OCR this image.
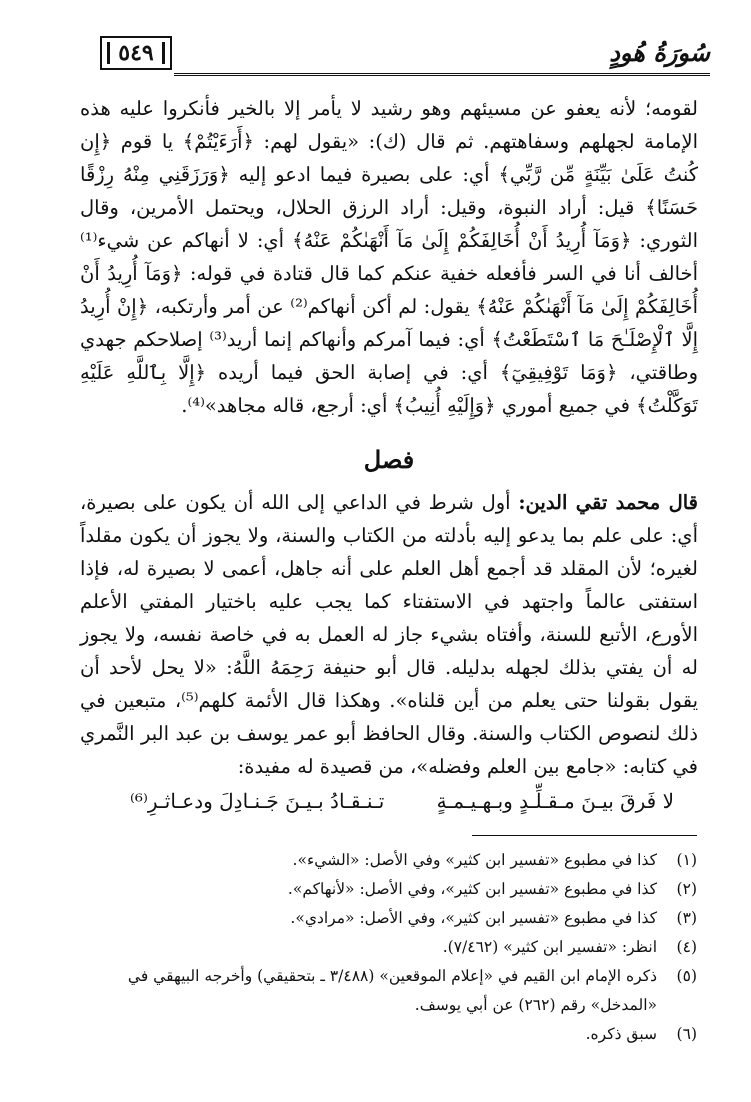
سُورَةُ هُودٍ
٥٤٩

لقومه؛ لأنه يعفو عن مسيئهم وهو رشيد لا يأمر إلا بالخير فأنكروا عليه هذه الإمامة لجهلهم وسفاهتهم. ثم قال (ك): «يقول لهم: ﴿أَرَءَيْتُمْ﴾ يا قوم ﴿إِن كُنتُ عَلَىٰ بَيِّنَةٍ مِّن رَّبِّي﴾ أي: على بصيرة فيما ادعو إليه ﴿وَرَزَقَنِي مِنْهُ رِزْقًا حَسَنًا﴾ قيل: أراد النبوة، وقيل: أراد الرزق الحلال، ويحتمل الأمرين، وقال الثوري: ﴿وَمَآ أُرِيدُ أَنْ أُخَالِفَكُمْ إِلَىٰ مَآ أَنْهَىٰكُمْ عَنْهُ﴾ أي: لا أنهاكم عن شيء⁽¹⁾ أخالف أنا في السر فأفعله خفية عنكم كما قال قتادة في قوله: ﴿وَمَآ أُرِيدُ أَنْ أُخَالِفَكُمْ إِلَىٰ مَآ أَنْهَىٰكُمْ عَنْهُ﴾ يقول: لم أكن أنهاكم⁽²⁾ عن أمر وأرتكبه، ﴿إِنْ أُرِيدُ إِلَّا ٱلْإِصْلَـٰحَ مَا ٱسْتَطَعْتُ﴾ أي: فيما آمركم وأنهاكم إنما أريد⁽³⁾ إصلاحكم جهدي وطاقتي، ﴿وَمَا تَوْفِيقِيٓ﴾ أي: في إصابة الحق فيما أريده ﴿إِلَّا بِٱللَّهِ عَلَيْهِ تَوَكَّلْتُ﴾ في جميع أموري ﴿وَإِلَيْهِ أُنِيبُ﴾ أي: أرجع، قاله مجاهد»⁽⁴⁾.

فصل

قال محمد تقي الدين: أول شرط في الداعي إلى الله أن يكون على بصيرة، أي: على علم بما يدعو إليه بأدلته من الكتاب والسنة، ولا يجوز أن يكون مقلداً لغيره؛ لأن المقلد قد أجمع أهل العلم على أنه جاهل، أعمى لا بصيرة له، فإذا استفتى عالماً واجتهد في الاستفتاء كما يجب عليه باختيار المفتي الأعلم الأورع، الأتبع للسنة، وأفتاه بشيء جاز له العمل به في خاصة نفسه، ولا يجوز له أن يفتي بذلك لجهله بدليله. قال أبو حنيفة رَحِمَهُ اللَّهُ: «لا يحل لأحد أن يقول بقولنا حتى يعلم من أين قلناه». وهكذا قال الأئمة كلهم⁽⁵⁾، متبعين في ذلك لنصوص الكتاب والسنة. وقال الحافظ أبو عمر يوسف بن عبد البر النَّمري في كتابه: «جامع بين العلم وفضله»، من قصيدة له مفيدة:

لا فَرقَ بيـنَ مـقـلِّـدٍ وبـهـيـمـةٍ
تـنـقـادُ بـيـنَ جَـنـادِلَ ودعـاثـرِ⁽⁶⁾
(١)
كذا في مطبوع «تفسير ابن كثير» وفي الأصل: «الشيء».
(٢)
كذا في مطبوع «تفسير ابن كثير»، وفي الأصل: «لأنهاكم».
(٣)
كذا في مطبوع «تفسير ابن كثير»، وفي الأصل: «مرادي».
(٤)
انظر: «تفسير ابن كثير» (٧/٤٦٢).
(٥)
ذكره الإمام ابن القيم في «إعلام الموقعين» (٣/٤٨٨ ـ بتحقيقي) وأخرجه البيهقي في «المدخل» رقم (٢٦٢) عن أبي يوسف.
(٦)
سبق ذكره.
